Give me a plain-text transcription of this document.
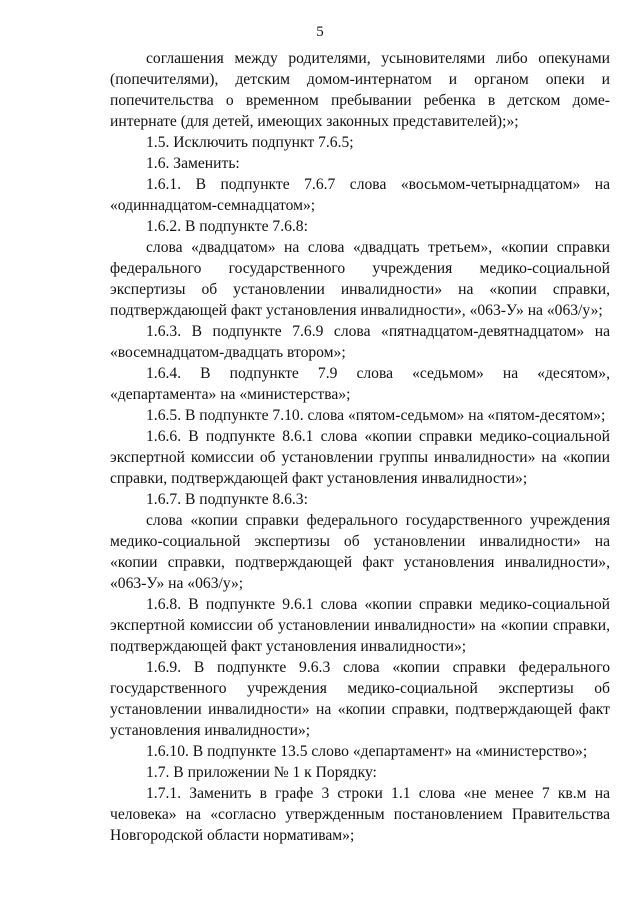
5

соглашения между родителями, усыновителями либо опекунами (попечителями), детским домом-интернатом и органом опеки и попечительства о временном пребывании ребенка в детском доме-интернате (для детей, имеющих законных представителей);»;

1.5. Исключить подпункт 7.6.5;

1.6. Заменить:

1.6.1. В подпункте 7.6.7 слова «восьмом-четырнадцатом» на «одиннадцатом-семнадцатом»;

1.6.2. В подпункте 7.6.8:

слова «двадцатом» на слова «двадцать третьем», «копии справки федерального государственного учреждения медико-социальной экспертизы об установлении инвалидности» на «копии справки, подтверждающей факт установления инвалидности», «063-У» на «063/у»;

1.6.3. В подпункте 7.6.9 слова «пятнадцатом-девятнадцатом» на «восемнадцатом-двадцать втором»;

1.6.4. В подпункте 7.9 слова «седьмом» на «десятом», «департамента» на «министерства»;

1.6.5. В подпункте 7.10. слова «пятом-седьмом» на «пятом-десятом»;

1.6.6. В подпункте 8.6.1 слова «копии справки медико-социальной экспертной комиссии об установлении группы инвалидности» на «копии справки, подтверждающей факт установления инвалидности»;

1.6.7. В подпункте 8.6.3:

слова «копии справки федерального государственного учреждения медико-социальной экспертизы об установлении инвалидности» на «копии справки, подтверждающей факт установления инвалидности», «063-У» на «063/у»;

1.6.8. В подпункте 9.6.1 слова «копии справки медико-социальной экспертной комиссии об установлении инвалидности» на «копии справки, подтверждающей факт установления инвалидности»;

1.6.9. В подпункте 9.6.3 слова «копии справки федерального государственного учреждения медико-социальной экспертизы об установлении инвалидности» на «копии справки, подтверждающей факт установления инвалидности»;

1.6.10. В подпункте 13.5 слово «департамент» на «министерство»;

1.7. В приложении № 1 к Порядку:

1.7.1. Заменить в графе 3 строки 1.1 слова «не менее 7 кв.м на человека» на «согласно утвержденным постановлением Правительства Новгородской области нормативам»;
